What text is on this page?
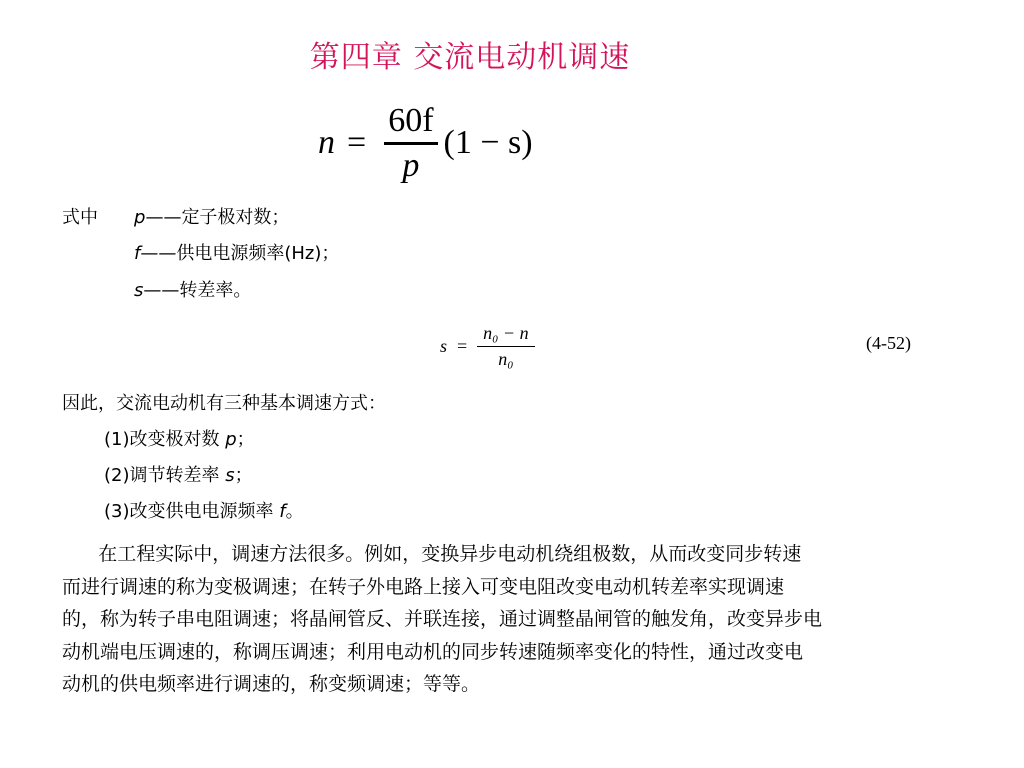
第四章 交流电动机调速
$n = \frac{60f}{p} (1 - s)$
式中 p——定子极对数；
f——供电电源频率(Hz)；
s——转差率。
$s = \frac{\text{n₀ − n}}{\text{n₀}}$	(4-52)
因此，交流电动机有三种基本调速方式：
(1)改变极对数 p；
(2)调节转差率 s；
(3)改变供电电源频率 f。
在工程实际中，调速方法很多。例如，变换异步电动机绕组极数，从而改变同步转速
而进行调速的称为变极调速；在转子外电路上接入可变电阻改变电动机转差率实现调速
的，称为转子串电阻调速；将晶闸管反、并联连接，通过调整晶闸管的触发角，改变异步电
动机端电压调速的，称调压调速；利用电动机的同步转速随频率变化的特性，通过改变电
动机的供电频率进行调速的，称变频调速；等等。
